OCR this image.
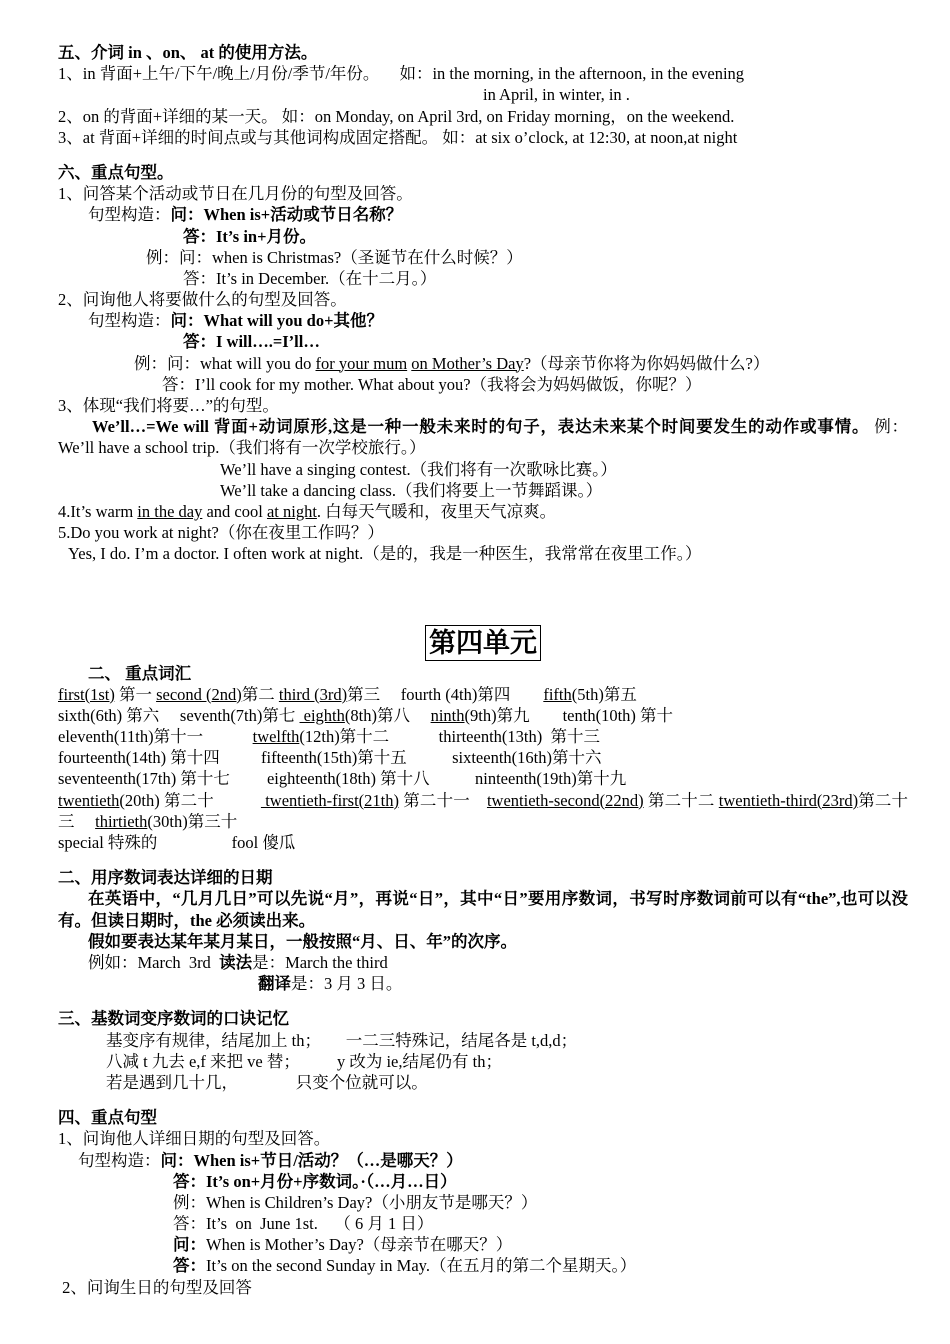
五、介词 in 、on、 at 的使用方法。
1、in 背面+上午/下午/晚上/月份/季节/年份。 如：in the morning, in the afternoon, in the evening
in April, in winter, in .
2、on 的背面+详细的某一天。 如：on Monday, on April 3rd, on Friday morning，on the weekend.
3、at 背面+详细的时间点或与其他词构成固定搭配。 如：at six o’clock, at 12:30, at noon,at night
六、重点句型。
1、问答某个活动或节日在几月份的句型及回答。
句型构造：问：When is+活动或节日名称？
答：It’s in+月份。
例：问：when is Christmas?（圣诞节在什么时候？）
答：It’s in December.（在十二月。）
2、问询他人将要做什么的句型及回答。
句型构造：问：What will you do+其他？
答：I will….=I’ll…
例：问：what will you do for your mum on Mother’s Day?（母亲节你将为你妈妈做什么?）
答：I’ll cook for my mother. What about you?（我将会为妈妈做饭，你呢？）
3、体现“我们将要…”的句型。
We’ll…=We will 背面+动词原形,这是一种一般未来时的句子，表达未来某个时间要发生的动作或事情。 例：We’ll have a school trip.（我们将有一次学校旅行。）
We’ll have a singing contest.（我们将有一次歌咏比赛。）
We’ll take a dancing class.（我们将要上一节舞蹈课。）
4.It’s warm in the day and cool at night. 白每天气暖和，夜里天气凉爽。
5.Do you work at night?（你在夜里工作吗？）
Yes, I do. I’m a doctor. I often work at night.（是的，我是一种医生，我常常在夜里工作。）
第四单元
二、 重点词汇
first(1st) 第一 second (2nd)第二 third (3rd)第三     fourth (4th)第四        fifth(5th)第五
sixth(6th) 第六     seventh(7th)第七  eighth(8th)第八     ninth(9th)第九        tenth(10th) 第十
eleventh(11th)第十一            twelfth(12th)第十二            thirteenth(13th)  第十三
fourteenth(14th) 第十四          fifteenth(15th)第十五           sixteenth(16th)第十六
seventeenth(17th) 第十七         eighteenth(18th) 第十八           ninteenth(19th)第十九
twentieth(20th) 第二十            twentieth-first(21th) 第二十一    twentieth-second(22nd) 第二十二 twentieth-third(23rd)第二十三     thirtieth(30th)第三十
special 特殊的                  fool 傻瓜
二、用序数词表达详细的日期
在英语中，“几月几日”可以先说“月”，再说“日”，其中“日”要用序数词，书写时序数词前可以有“the”,也可以没有。但读日期时，the 必须读出来。
假如要表达某年某月某日，一般按照“月、日、年”的次序。
例如：March  3rd  读法是：March the third
翻译是：3 月 3 日。
三、基数词变序数词的口诀记忆
基变序有规律，结尾加上 th；      一二三特殊记，结尾各是 t,d,d；
八减 t 九去 e,f 来把 ve 替；         y 改为 ie,结尾仍有 th；
若是遇到几十几，              只变个位就可以。
四、重点句型
1、问询他人详细日期的句型及回答。
句型构造：问：When is+节日/活动？（…是哪天？）
答：It’s on+月份+序数词。·（…月…日）
例：When is Children’s Day?（小朋友节是哪天？）
答：It’s  on  June 1st.    （ 6 月 1 日）
问：When is Mother’s Day?（母亲节在哪天？）
答：It’s on the second Sunday in May.（在五月的第二个星期天。）
2、问询生日的句型及回答
